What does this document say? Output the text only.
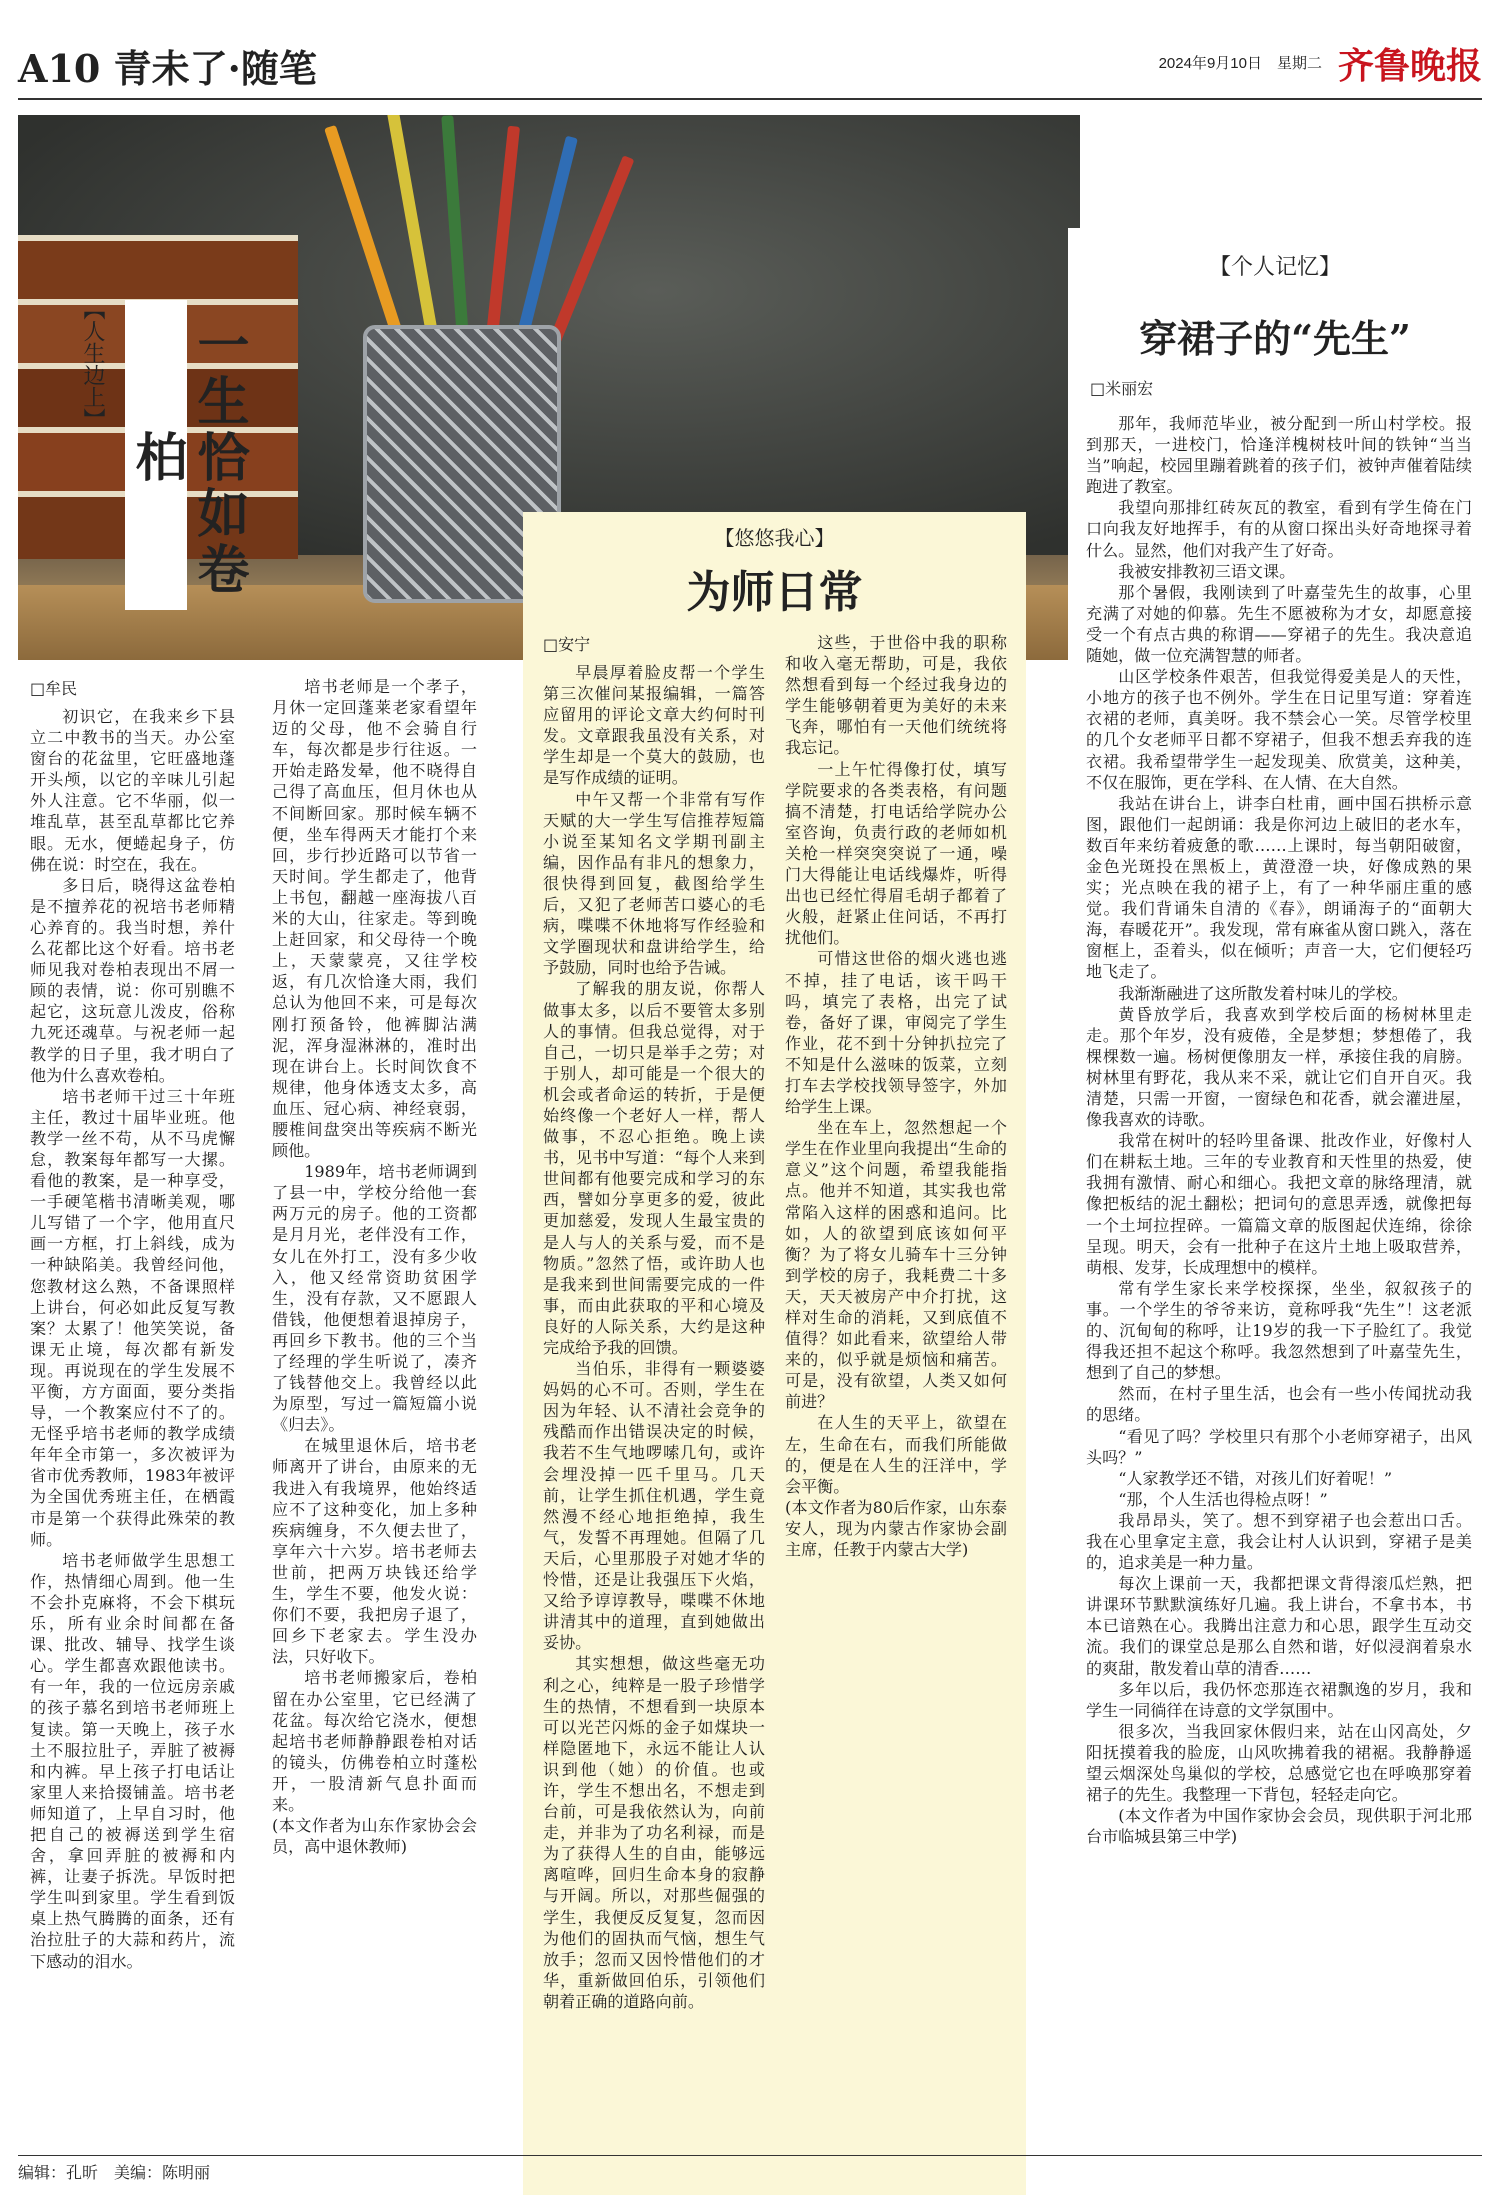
A10 青未了·随笔	2024年9月10日　星期二 齐鲁晚报
【人生边上】	一生恰如卷柏
□牟民

初识它，在我来乡下县立二中教书的当天。办公室窗台的花盆里，它旺盛地蓬开头颅，以它的辛味儿引起外人注意。它不华丽，似一堆乱草，甚至乱草都比它养眼。无水，便蜷起身子，仿佛在说：时空在，我在。

多日后，晓得这盆卷柏是不擅养花的祝培书老师精心养育的。我当时想，养什么花都比这个好看。培书老师见我对卷柏表现出不屑一顾的表情，说：你可别瞧不起它，这玩意儿泼皮，俗称九死还魂草。与祝老师一起教学的日子里，我才明白了他为什么喜欢卷柏。

培书老师干过三十年班主任，教过十届毕业班。他教学一丝不苟，从不马虎懈怠，教案每年都写一大摞。看他的教案，是一种享受，一手硬笔楷书清晰美观，哪儿写错了一个字，他用直尺画一方框，打上斜线，成为一种缺陷美。我曾经问他，您教材这么熟，不备课照样上讲台，何必如此反复写教案？太累了！他笑笑说，备课无止境，每次都有新发现。再说现在的学生发展不平衡，方方面面，要分类指导，一个教案应付不了的。无怪乎培书老师的教学成绩年年全市第一，多次被评为省市优秀教师，1983年被评为全国优秀班主任，在栖霞市是第一个获得此殊荣的教师。

培书老师做学生思想工作，热情细心周到。他一生不会扑克麻将，不会下棋玩乐，所有业余时间都在备课、批改、辅导、找学生谈心。学生都喜欢跟他读书。有一年，我的一位远房亲戚的孩子慕名到培书老师班上复读。第一天晚上，孩子水土不服拉肚子，弄脏了被褥和内裤。早上孩子打电话让家里人来拾掇铺盖。培书老师知道了，上早自习时，他把自己的被褥送到学生宿舍，拿回弄脏的被褥和内裤，让妻子拆洗。早饭时把学生叫到家里。学生看到饭桌上热气腾腾的面条，还有治拉肚子的大蒜和药片，流下感动的泪水。

培书老师是一个孝子，月休一定回蓬莱老家看望年迈的父母，他不会骑自行车，每次都是步行往返。一开始走路发晕，他不晓得自己得了高血压，但月休也从不间断回家。那时候车辆不便，坐车得两天才能打个来回，步行抄近路可以节省一天时间。学生都走了，他背上书包，翻越一座海拔八百米的大山，往家走。等到晚上赶回家，和父母待一个晚上，天蒙蒙亮，又往学校返，有几次恰逢大雨，我们总认为他回不来，可是每次刚打预备铃，他裤脚沾满泥，浑身湿淋淋的，准时出现在讲台上。长时间饮食不规律，他身体透支太多，高血压、冠心病、神经衰弱，腰椎间盘突出等疾病不断光顾他。

1989年，培书老师调到了县一中，学校分给他一套两万元的房子。他的工资都是月月光，老伴没有工作，女儿在外打工，没有多少收入，他又经常资助贫困学生，没有存款，又不愿跟人借钱，他便想着退掉房子，再回乡下教书。他的三个当了经理的学生听说了，凑齐了钱替他交上。我曾经以此为原型，写过一篇短篇小说《归去》。

在城里退休后，培书老师离开了讲台，由原来的无我进入有我境界，他始终适应不了这种变化，加上多种疾病缠身，不久便去世了，享年六十六岁。培书老师去世前，把两万块钱还给学生，学生不要，他发火说：你们不要，我把房子退了，回乡下老家去。学生没办法，只好收下。

培书老师搬家后，卷柏留在办公室里，它已经满了花盆。每次给它浇水，便想起培书老师静静跟卷柏对话的镜头，仿佛卷柏立时蓬松开，一股清新气息扑面而来。

(本文作者为山东作家协会会员，高中退休教师)

【悠悠我心】
为师日常
□安宁

早晨厚着脸皮帮一个学生第三次催问某报编辑，一篇答应留用的评论文章大约何时刊发。文章跟我虽没有关系，对学生却是一个莫大的鼓励，也是写作成绩的证明。

中午又帮一个非常有写作天赋的大一学生写信推荐短篇小说至某知名文学期刊副主编，因作品有非凡的想象力，很快得到回复，截图给学生后，又犯了老师苦口婆心的毛病，喋喋不休地将写作经验和文学圈现状和盘讲给学生，给予鼓励，同时也给予告诫。

了解我的朋友说，你帮人做事太多，以后不要管太多别人的事情。但我总觉得，对于自己，一切只是举手之劳；对于别人，却可能是一个很大的机会或者命运的转折，于是便始终像一个老好人一样，帮人做事，不忍心拒绝。晚上读书，见书中写道：“每个人来到世间都有他要完成和学习的东西，譬如分享更多的爱，彼此更加慈爱，发现人生最宝贵的是人与人的关系与爱，而不是物质。”忽然了悟，或许助人也是我来到世间需要完成的一件事，而由此获取的平和心境及良好的人际关系，大约是这种完成给予我的回馈。

当伯乐，非得有一颗婆婆妈妈的心不可。否则，学生在因为年轻、认不清社会竞争的残酷而作出错误决定的时候，我若不生气地啰嗦几句，或许会埋没掉一匹千里马。几天前，让学生抓住机遇，学生竟然漫不经心地拒绝掉，我生气，发誓不再理她。但隔了几天后，心里那股子对她才华的怜惜，还是让我强压下火焰，又给予谆谆教导，喋喋不休地讲清其中的道理，直到她做出妥协。

其实想想，做这些毫无功利之心，纯粹是一股子珍惜学生的热情，不想看到一块原本可以光芒闪烁的金子如煤块一样隐匿地下，永远不能让人认识到他（她）的价值。也或许，学生不想出名，不想走到台前，可是我依然认为，向前走，并非为了功名利禄，而是为了获得人生的自由，能够远离喧哗，回归生命本身的寂静与开阔。所以，对那些倔强的学生，我便反反复复，忽而因为他们的固执而气恼，想生气放手；忽而又因怜惜他们的才华，重新做回伯乐，引领他们朝着正确的道路向前。

这些，于世俗中我的职称和收入毫无帮助，可是，我依然想看到每一个经过我身边的学生能够朝着更为美好的未来飞奔，哪怕有一天他们统统将我忘记。

一上午忙得像打仗，填写学院要求的各类表格，有问题搞不清楚，打电话给学院办公室咨询，负责行政的老师如机关枪一样突突突说了一通，噪门大得能让电话线爆炸，听得出也已经忙得眉毛胡子都着了火般，赶紧止住问话，不再打扰他们。

可惜这世俗的烟火逃也逃不掉，挂了电话，该干吗干吗，填完了表格，出完了试卷，备好了课，审阅完了学生作业，花不到十分钟扒拉完了不知是什么滋味的饭菜，立刻打车去学校找领导签字，外加给学生上课。

坐在车上，忽然想起一个学生在作业里向我提出“生命的意义”这个问题，希望我能指点。他并不知道，其实我也常常陷入这样的困惑和追问。比如，人的欲望到底该如何平衡？为了将女儿骑车十三分钟到学校的房子，我耗费二十多天，天天被房产中介打扰，这样对生命的消耗，又到底值不值得？如此看来，欲望给人带来的，似乎就是烦恼和痛苦。可是，没有欲望，人类又如何前进？

在人生的天平上，欲望在左，生命在右，而我们所能做的，便是在人生的汪洋中，学会平衡。

(本文作者为80后作家，山东泰安人，现为内蒙古作家协会副主席，任教于内蒙古大学)

【个人记忆】
穿裙子的“先生”
□米丽宏

那年，我师范毕业，被分配到一所山村学校。报到那天，一进校门，恰逢洋槐树枝叶间的铁钟“当当当”响起，校园里蹦着跳着的孩子们，被钟声催着陆续跑进了教室。

我望向那排红砖灰瓦的教室，看到有学生倚在门口向我友好地挥手，有的从窗口探出头好奇地探寻着什么。显然，他们对我产生了好奇。

我被安排教初三语文课。

那个暑假，我刚读到了叶嘉莹先生的故事，心里充满了对她的仰慕。先生不愿被称为才女，却愿意接受一个有点古典的称谓——穿裙子的先生。我决意追随她，做一位充满智慧的师者。

山区学校条件艰苦，但我觉得爱美是人的天性，小地方的孩子也不例外。学生在日记里写道：穿着连衣裙的老师，真美呀。我不禁会心一笑。尽管学校里的几个女老师平日都不穿裙子，但我不想丢弃我的连衣裙。我希望带学生一起发现美、欣赏美，这种美，不仅在服饰，更在学科、在人情、在大自然。

我站在讲台上，讲李白杜甫，画中国石拱桥示意图，跟他们一起朗诵：我是你河边上破旧的老水车，数百年来纺着疲惫的歌……上课时，每当朝阳破窗，金色光斑投在黑板上，黄澄澄一块，好像成熟的果实；光点映在我的裙子上，有了一种华丽庄重的感觉。我们背诵朱自清的《春》，朗诵海子的“面朝大海，春暖花开”。我发现，常有麻雀从窗口跳入，落在窗框上，歪着头，似在倾听；声音一大，它们便轻巧地飞走了。

我渐渐融进了这所散发着村味儿的学校。

黄昏放学后，我喜欢到学校后面的杨树林里走走。那个年岁，没有疲倦，全是梦想；梦想倦了，我棵棵数一遍。杨树便像朋友一样，承接住我的肩膀。树林里有野花，我从来不采，就让它们自开自灭。我清楚，只需一开窗，一窗绿色和花香，就会灌进屋，像我喜欢的诗歌。

我常在树叶的轻吟里备课、批改作业，好像村人们在耕耘土地。三年的专业教育和天性里的热爱，使我拥有激情、耐心和细心。我把文章的脉络理清，就像把板结的泥土翻松；把词句的意思弄透，就像把每一个土坷拉捏碎。一篇篇文章的版图起伏连绵，徐徐呈现。明天，会有一批种子在这片土地上吸取营养，萌根、发芽，长成理想中的模样。

常有学生家长来学校探探，坐坐，叙叙孩子的事。一个学生的爷爷来访，竟称呼我“先生”！这老派的、沉甸甸的称呼，让19岁的我一下子脸红了。我觉得我还担不起这个称呼。我忽然想到了叶嘉莹先生，想到了自己的梦想。

然而，在村子里生活，也会有一些小传闻扰动我的思绪。

“看见了吗？学校里只有那个小老师穿裙子，出风头吗？”

“人家教学还不错，对孩儿们好着呢！”

“那，个人生活也得检点呀！”

我昂昂头，笑了。想不到穿裙子也会惹出口舌。我在心里拿定主意，我会让村人认识到，穿裙子是美的，追求美是一种力量。

每次上课前一天，我都把课文背得滚瓜烂熟，把讲课环节默默演练好几遍。我上讲台，不拿书本，书本已谙熟在心。我腾出注意力和心思，跟学生互动交流。我们的课堂总是那么自然和谐，好似浸润着泉水的爽甜，散发着山草的清香……

多年以后，我仍怀恋那连衣裙飘逸的岁月，我和学生一同徜徉在诗意的文学氛围中。

很多次，当我回家休假归来，站在山冈高处，夕阳抚摸着我的脸庞，山风吹拂着我的裙裾。我静静遥望云烟深处鸟巢似的学校，总感觉它也在呼唤那穿着裙子的先生。我整理一下背包，轻轻走向它。

(本文作者为中国作家协会会员，现供职于河北邢台市临城县第三中学)

编辑：孔昕　美编：陈明丽
